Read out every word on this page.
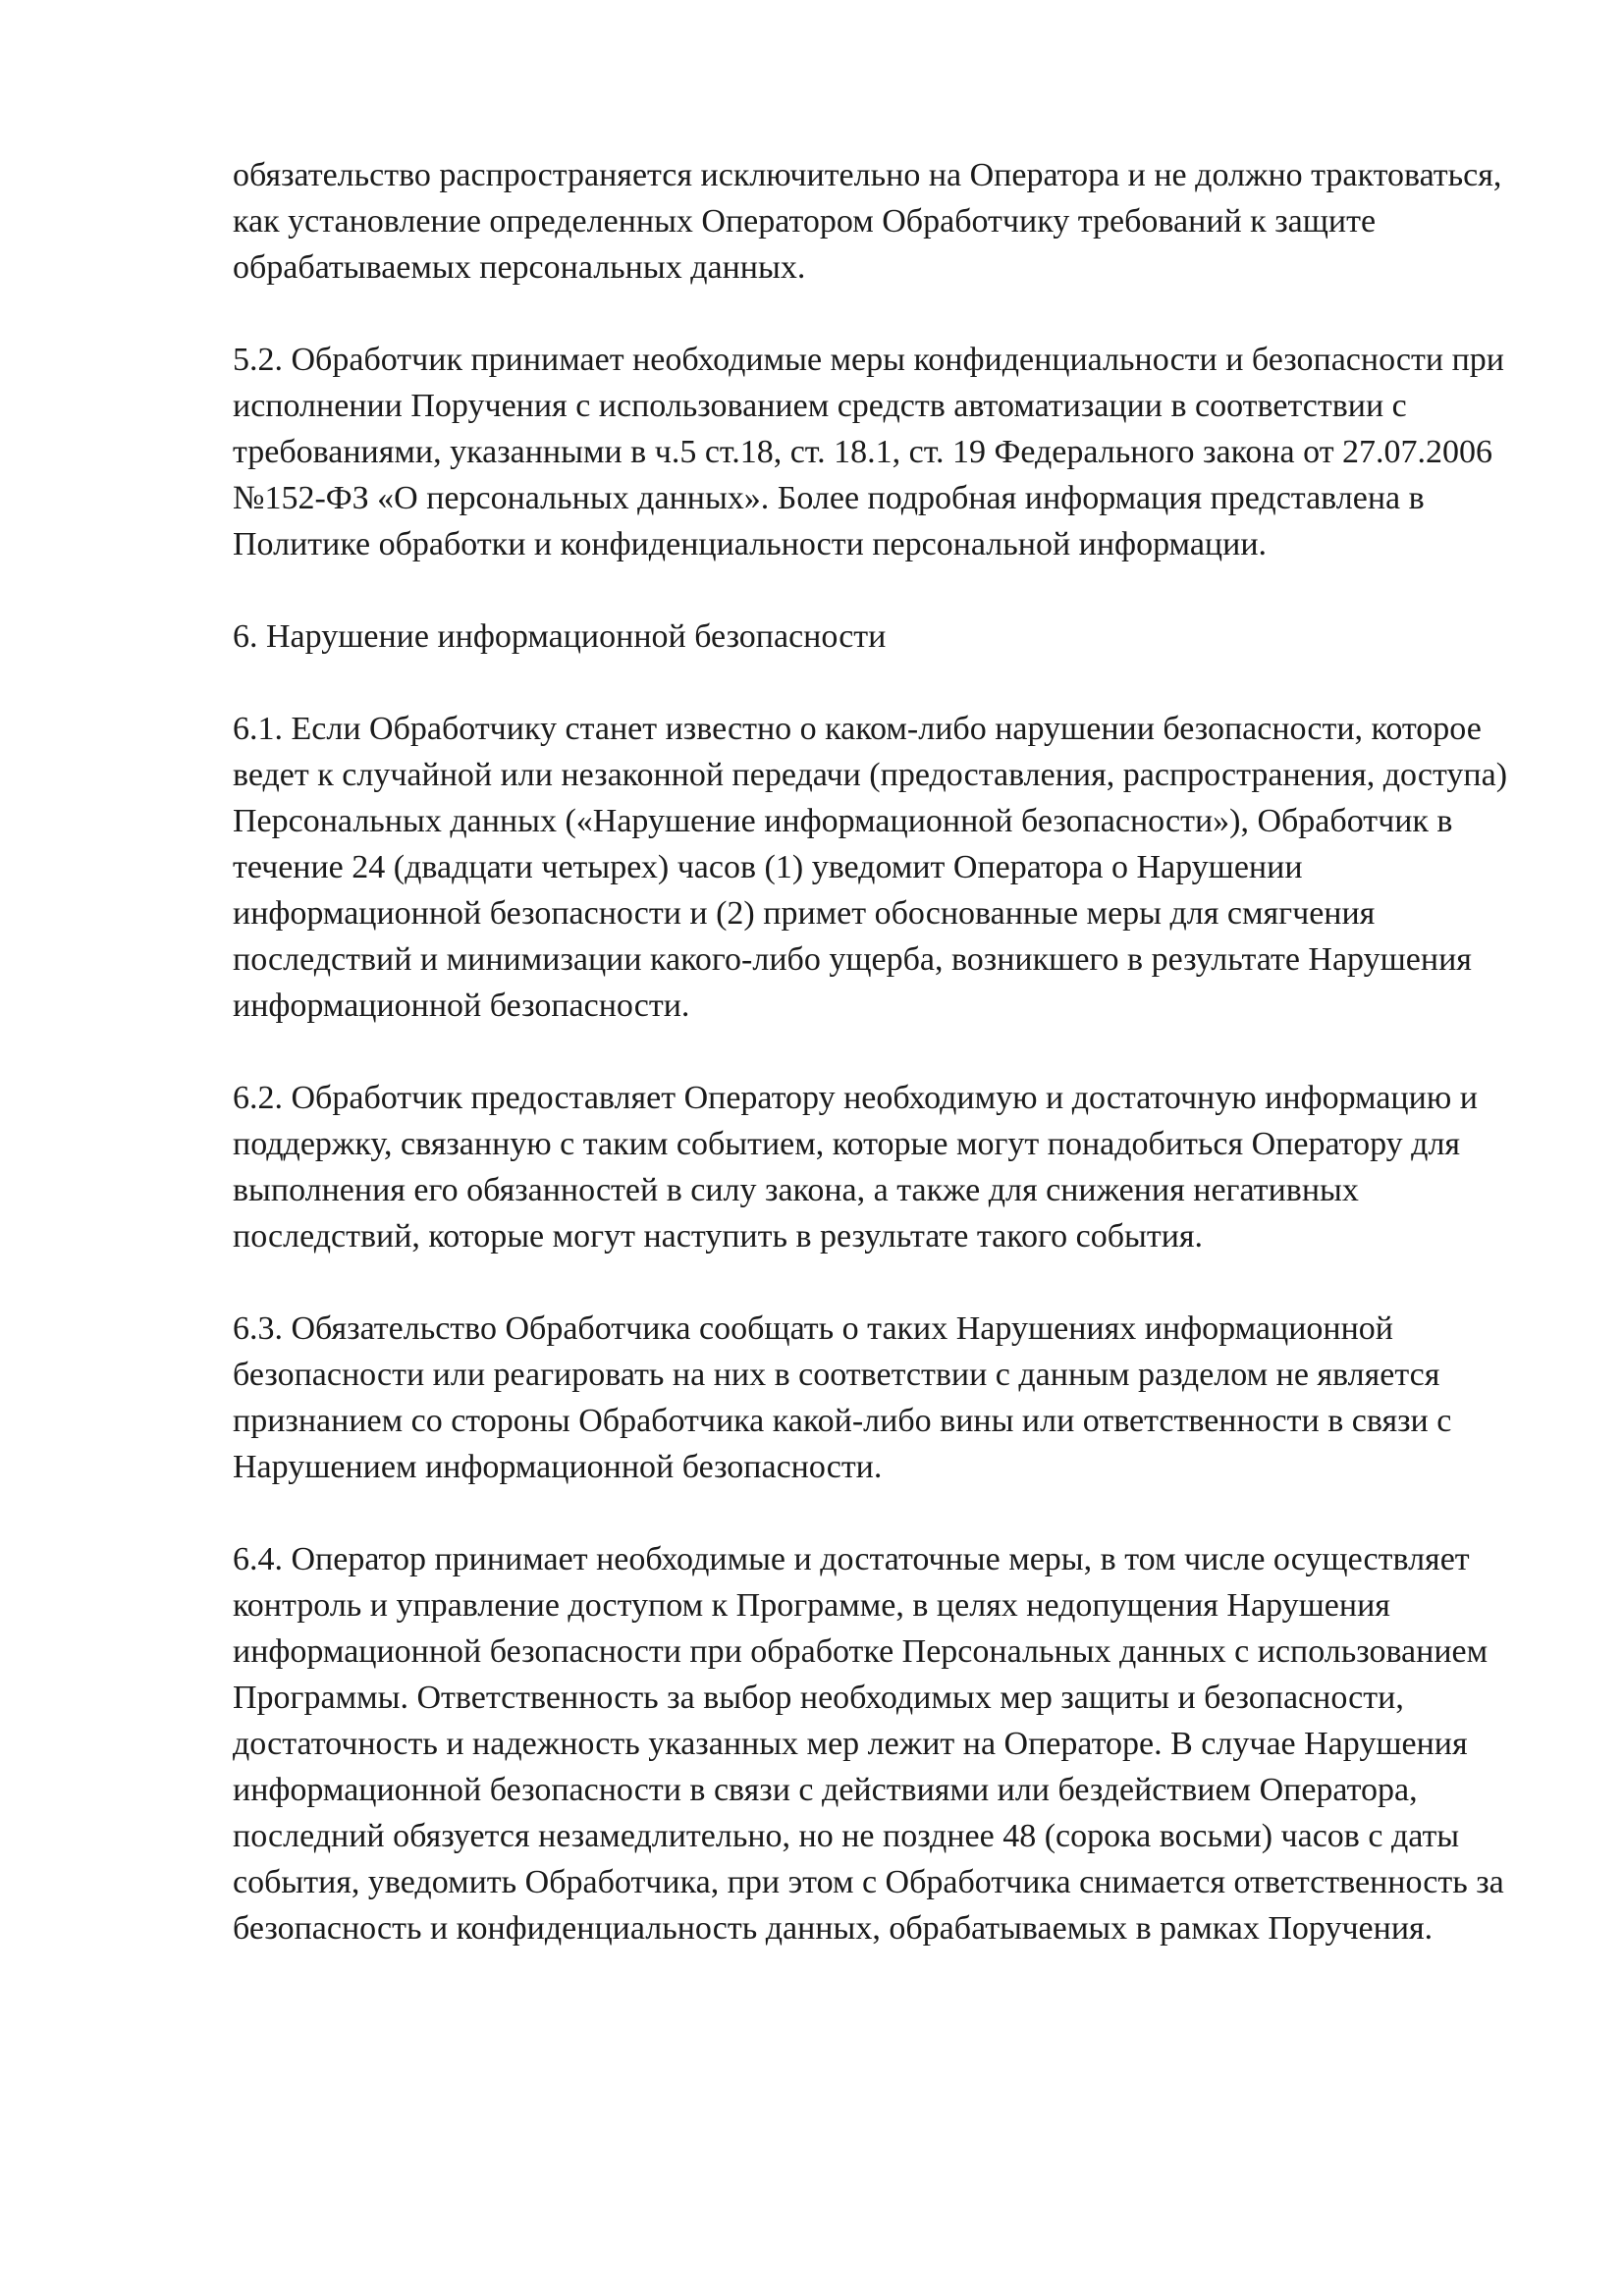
обязательство распространяется исключительно на Оператора и не должно трактоваться, как установление определенных Оператором Обработчику требований к защите обрабатываемых персональных данных.

5.2. Обработчик принимает необходимые меры конфиденциальности и безопасности при исполнении Поручения с использованием средств автоматизации в соответствии с требованиями, указанными в ч.5 ст.18, ст. 18.1, ст. 19 Федерального закона от 27.07.2006 №152-ФЗ «О персональных данных». Более подробная информация представлена в Политике обработки и конфиденциальности персональной информации.

6. Нарушение информационной безопасности

6.1. Если Обработчику станет известно о каком-либо нарушении безопасности, которое ведет к случайной или незаконной передачи (предоставления, распространения, доступа) Персональных данных («Нарушение информационной безопасности»), Обработчик в течение 24 (двадцати четырех) часов (1) уведомит Оператора о Нарушении информационной безопасности и (2) примет обоснованные меры для смягчения последствий и минимизации какого-либо ущерба, возникшего в результате Нарушения информационной безопасности.

6.2. Обработчик предоставляет Оператору необходимую и достаточную информацию и поддержку, связанную с таким событием, которые могут понадобиться Оператору для выполнения его обязанностей в силу закона, а также для снижения негативных последствий, которые могут наступить в результате такого события.

6.3. Обязательство Обработчика сообщать о таких Нарушениях информационной безопасности или реагировать на них в соответствии с данным разделом не является признанием со стороны Обработчика какой-либо вины или ответственности в связи с Нарушением информационной безопасности.

6.4. Оператор принимает необходимые и достаточные меры, в том числе осуществляет контроль и управление доступом к Программе, в целях недопущения Нарушения информационной безопасности при обработке Персональных данных с использованием Программы. Ответственность за выбор необходимых мер защиты и безопасности, достаточность и надежность указанных мер лежит на Операторе. В случае Нарушения информационной безопасности в связи с действиями или бездействием Оператора, последний обязуется незамедлительно, но не позднее 48 (сорока восьми) часов с даты события, уведомить Обработчика, при этом с Обработчика снимается ответственность за безопасность и конфиденциальность данных, обрабатываемых в рамках Поручения.
